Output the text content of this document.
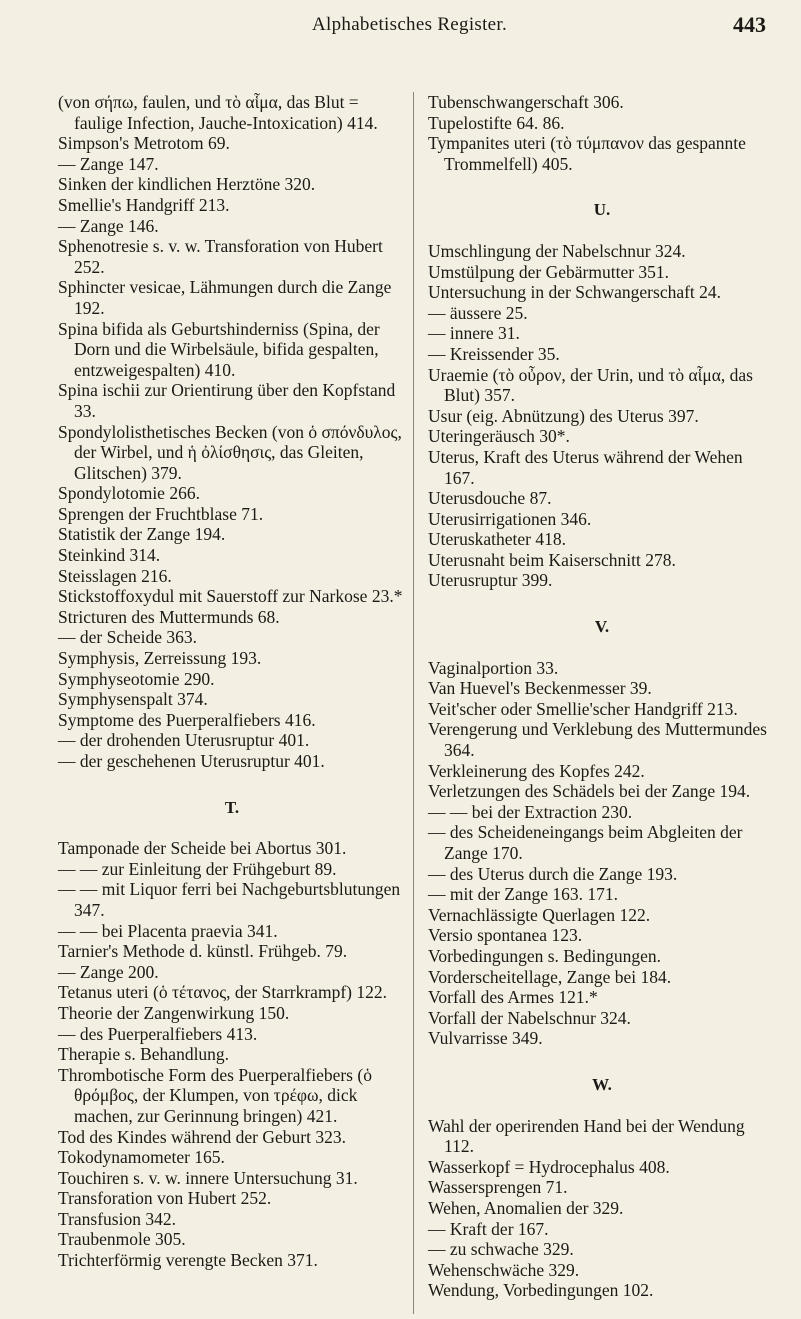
Alphabetisches Register.	443

(von σήπω, faulen, und τὸ αἷμα, das Blut = faulige Infection, Jauche-Intoxication) 414.

Simpson's Metrotom 69.

— Zange 147.

Sinken der kindlichen Herztöne 320.

Smellie's Handgriff 213.

— Zange 146.

Sphenotresie s. v. w. Transforation von Hubert 252.

Sphincter vesicae, Lähmungen durch die Zange 192.

Spina bifida als Geburtshinderniss (Spina, der Dorn und die Wirbelsäule, bifida gespalten, entzweigespalten) 410.

Spina ischii zur Orientirung über den Kopfstand 33.

Spondylolisthetisches Becken (von ὁ σπόνδυλος, der Wirbel, und ἡ ὀλίσθησις, das Gleiten, Glitschen) 379.

Spondylotomie 266.

Sprengen der Fruchtblase 71.

Statistik der Zange 194.

Steinkind 314.

Steisslagen 216.

Stickstoffoxydul mit Sauerstoff zur Narkose 23.*

Stricturen des Muttermunds 68.

— der Scheide 363.

Symphysis, Zerreissung 193.

Symphyseotomie 290.

Symphysenspalt 374.

Symptome des Puerperalfiebers 416.

— der drohenden Uterusruptur 401.

— der geschehenen Uterusruptur 401.

T.

Tamponade der Scheide bei Abortus 301.

— — zur Einleitung der Frühgeburt 89.

— — mit Liquor ferri bei Nachgeburtsblutungen 347.

— — bei Placenta praevia 341.

Tarnier's Methode d. künstl. Frühgeb. 79.

— Zange 200.

Tetanus uteri (ὁ τέτανος, der Starrkrampf) 122.

Theorie der Zangenwirkung 150.

— des Puerperalfiebers 413.

Therapie s. Behandlung.

Thrombotische Form des Puerperalfiebers (ὁ θρόμβος, der Klumpen, von τρέφω, dick machen, zur Gerinnung bringen) 421.

Tod des Kindes während der Geburt 323.

Tokodynamometer 165.

Touchiren s. v. w. innere Untersuchung 31.

Transforation von Hubert 252.

Transfusion 342.

Traubenmole 305.

Trichterförmig verengte Becken 371.

Tubenschwangerschaft 306.

Tupelostifte 64. 86.

Tympanites uteri (τὸ τύμπανον das gespannte Trommelfell) 405.

U.

Umschlingung der Nabelschnur 324.

Umstülpung der Gebärmutter 351.

Untersuchung in der Schwangerschaft 24.

— äussere 25.

— innere 31.

— Kreissender 35.

Uraemie (τὸ οὖρον, der Urin, und τὸ αἷμα, das Blut) 357.

Usur (eig. Abnützung) des Uterus 397.

Uteringeräusch 30*.

Uterus, Kraft des Uterus während der Wehen 167.

Uterusdouche 87.

Uterusirrigationen 346.

Uteruskatheter 418.

Uterusnaht beim Kaiserschnitt 278.

Uterusruptur 399.

V.

Vaginalportion 33.

Van Huevel's Beckenmesser 39.

Veit'scher oder Smellie'scher Handgriff 213.

Verengerung und Verklebung des Muttermundes 364.

Verkleinerung des Kopfes 242.

Verletzungen des Schädels bei der Zange 194.

— — bei der Extraction 230.

— des Scheideneingangs beim Abgleiten der Zange 170.

— des Uterus durch die Zange 193.

— mit der Zange 163. 171.

Vernachlässigte Querlagen 122.

Versio spontanea 123.

Vorbedingungen s. Bedingungen.

Vorderscheitellage, Zange bei 184.

Vorfall des Armes 121.*

Vorfall der Nabelschnur 324.

Vulvarrisse 349.

W.

Wahl der operirenden Hand bei der Wendung 112.

Wasserkopf = Hydrocephalus 408.

Wassersprengen 71.

Wehen, Anomalien der 329.

— Kraft der 167.

— zu schwache 329.

Wehenschwäche 329.

Wendung, Vorbedingungen 102.
